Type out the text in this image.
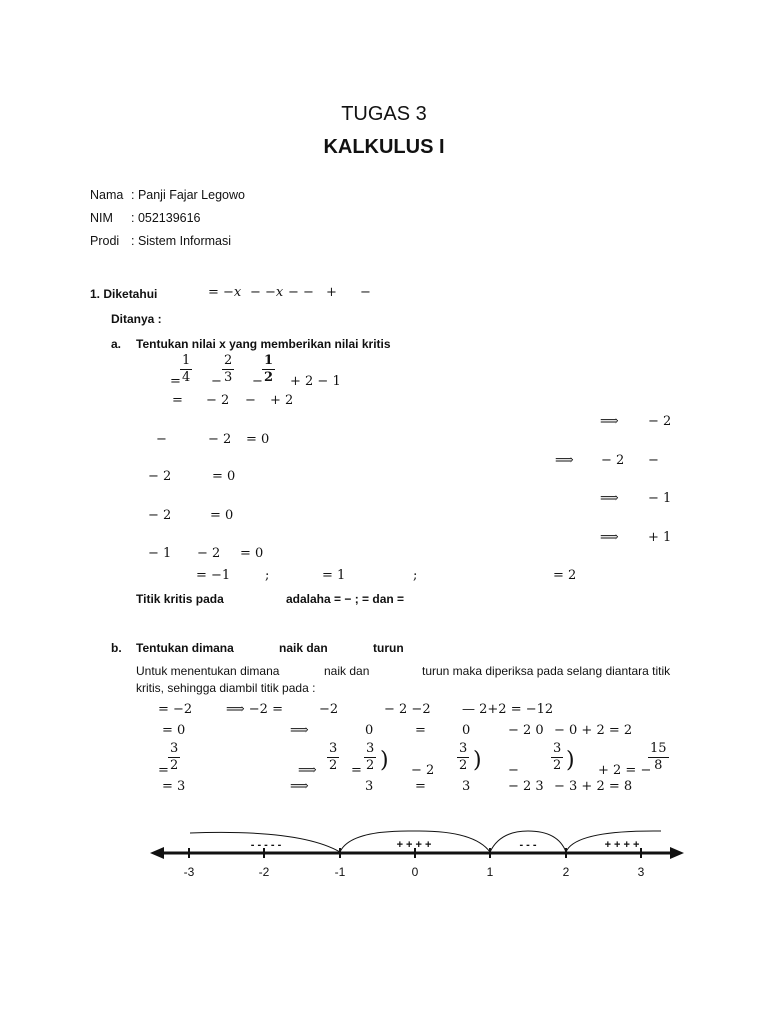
TUGAS 3
KALKULUS I
Nama : Panji Fajar Legowo
NIM : 052139616
Prodi : Sistem Informasi
1. Diketahui	= −𝑥 − −𝑥 − − + −
Ditanya :
a. Tentukan nilai x yang memberikan nilai kritis
1
4
2
3
1
2
= − − + 2 − 1
= − 2 − + 2
⟹ − 2
−	− 2 = 0
⟹ − 2 −
− 2	= 0
⟹ − 1
− 2	= 0
⟹ + 1
− 1 − 2 = 0
= −1	;	= 1	;	= 2
Titik kritis pada	adalaha = − ; = dan =
b. Tentukan dimana	naik dan	turun
Untuk menentukan dimana	naik dan	turun maka diperiksa pada selang diantara titik
kritis, sehingga diambil titik pada :
= −2	⟹ −2 =	−2	− 2 −2 — 2+2 = −12
= 0	⟹	0	=	0	− 2 0 − 0 + 2 = 2
=
3
2	⟹
3
2 =
3
2 ) − 2
3
2 ) −
3
2 ) + 2 = −
15
8
= 3	⟹	3	=	3	− 2 3 − 3 + 2 = 8
-3	-2	-1	0	1	2	3
- - - - -	+ + + +	- - -	+ + + +
